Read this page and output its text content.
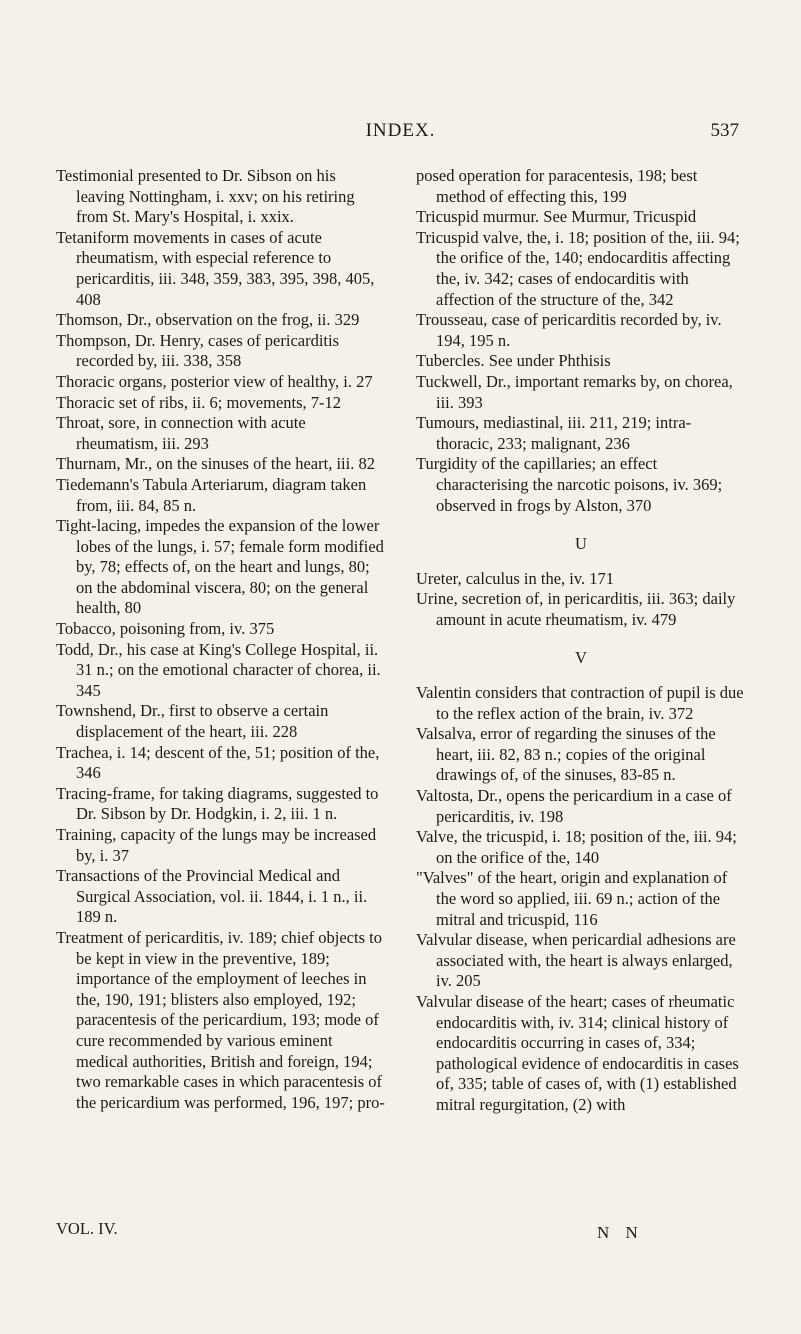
INDEX.	537
Testimonial presented to Dr. Sibson on his leaving Nottingham, i. xxv; on his retiring from St. Mary's Hospital, i. xxix.
Tetaniform movements in cases of acute rheumatism, with especial reference to pericarditis, iii. 348, 359, 383, 395, 398, 405, 408
Thomson, Dr., observation on the frog, ii. 329
Thompson, Dr. Henry, cases of pericarditis recorded by, iii. 338, 358
Thoracic organs, posterior view of healthy, i. 27
Thoracic set of ribs, ii. 6; movements, 7-12
Throat, sore, in connection with acute rheumatism, iii. 293
Thurnam, Mr., on the sinuses of the heart, iii. 82
Tiedemann's Tabula Arteriarum, diagram taken from, iii. 84, 85 n.
Tight-lacing, impedes the expansion of the lower lobes of the lungs, i. 57; female form modified by, 78; effects of, on the heart and lungs, 80; on the abdominal viscera, 80; on the general health, 80
Tobacco, poisoning from, iv. 375
Todd, Dr., his case at King's College Hospital, ii. 31 n.; on the emotional character of chorea, ii. 345
Townshend, Dr., first to observe a certain displacement of the heart, iii. 228
Trachea, i. 14; descent of the, 51; position of the, 346
Tracing-frame, for taking diagrams, suggested to Dr. Sibson by Dr. Hodgkin, i. 2, iii. 1 n.
Training, capacity of the lungs may be increased by, i. 37
Transactions of the Provincial Medical and Surgical Association, vol. ii. 1844, i. 1 n., ii. 189 n.
Treatment of pericarditis, iv. 189; chief objects to be kept in view in the preventive, 189; importance of the employment of leeches in the, 190, 191; blisters also employed, 192; paracentesis of the pericardium, 193; mode of cure recommended by various eminent medical authorities, British and foreign, 194; two remarkable cases in which paracentesis of the pericardium was performed, 196, 197; pro-
posed operation for paracentesis, 198; best method of effecting this, 199
Tricuspid murmur. See Murmur, Tricuspid
Tricuspid valve, the, i. 18; position of the, iii. 94; the orifice of the, 140; endocarditis affecting the, iv. 342; cases of endocarditis with affection of the structure of the, 342
Trousseau, case of pericarditis recorded by, iv. 194, 195 n.
Tubercles. See under Phthisis
Tuckwell, Dr., important remarks by, on chorea, iii. 393
Tumours, mediastinal, iii. 211, 219; intra-thoracic, 233; malignant, 236
Turgidity of the capillaries; an effect characterising the narcotic poisons, iv. 369; observed in frogs by Alston, 370
U
Ureter, calculus in the, iv. 171
Urine, secretion of, in pericarditis, iii. 363; daily amount in acute rheumatism, iv. 479
V
Valentin considers that contraction of pupil is due to the reflex action of the brain, iv. 372
Valsalva, error of regarding the sinuses of the heart, iii. 82, 83 n.; copies of the original drawings of, of the sinuses, 83-85 n.
Valtosta, Dr., opens the pericardium in a case of pericarditis, iv. 198
Valve, the tricuspid, i. 18; position of the, iii. 94; on the orifice of the, 140
"Valves" of the heart, origin and explanation of the word so applied, iii. 69 n.; action of the mitral and tricuspid, 116
Valvular disease, when pericardial adhesions are associated with, the heart is always enlarged, iv. 205
Valvular disease of the heart; cases of rheumatic endocarditis with, iv. 314; clinical history of endocarditis occurring in cases of, 334; pathological evidence of endocarditis in cases of, 335; table of cases of, with (1) established mitral regurgitation, (2) with
VOL. IV.	N N
